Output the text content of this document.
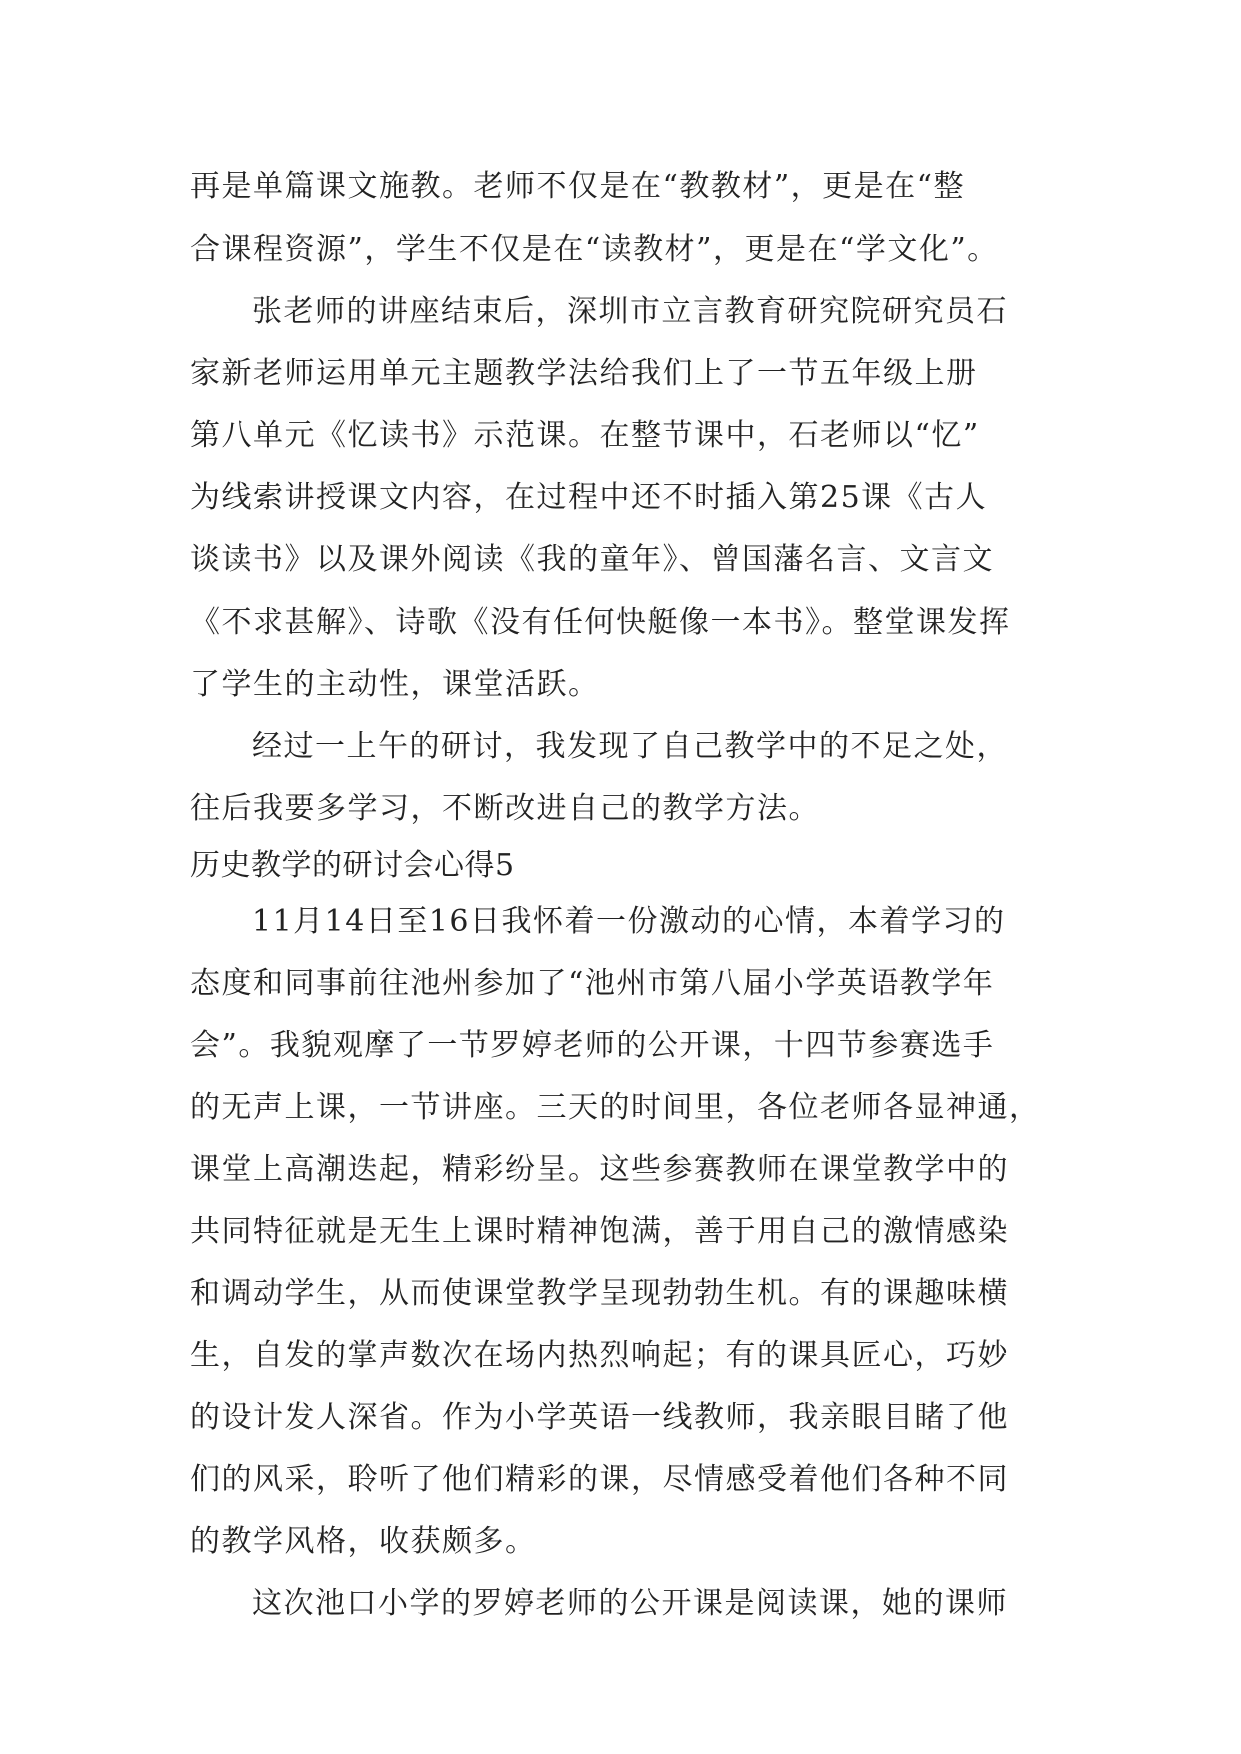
再是单篇课文施教。老师不仅是在“教教材”，更是在“整
合课程资源”，学生不仅是在“读教材”，更是在“学文化”。
张老师的讲座结束后，深圳市立言教育研究院研究员石
家新老师运用单元主题教学法给我们上了一节五年级上册
第八单元《忆读书》示范课。在整节课中，石老师以“忆”
为线索讲授课文内容，在过程中还不时插入第25课《古人
谈读书》以及课外阅读《我的童年》、曾国藩名言、文言文
《不求甚解》、诗歌《没有任何快艇像一本书》。整堂课发挥
了学生的主动性，课堂活跃。
经过一上午的研讨，我发现了自己教学中的不足之处，
往后我要多学习，不断改进自己的教学方法。
历史教学的研讨会心得5
11月14日至16日我怀着一份激动的心情，本着学习的
态度和同事前往池州参加了“池州市第八届小学英语教学年
会”。我貌观摩了一节罗婷老师的公开课，十四节参赛选手
的无声上课，一节讲座。三天的时间里，各位老师各显神通，
课堂上高潮迭起，精彩纷呈。这些参赛教师在课堂教学中的
共同特征就是无生上课时精神饱满，善于用自己的激情感染
和调动学生，从而使课堂教学呈现勃勃生机。有的课趣味横
生，自发的掌声数次在场内热烈响起；有的课具匠心，巧妙
的设计发人深省。作为小学英语一线教师，我亲眼目睹了他
们的风采，聆听了他们精彩的课，尽情感受着他们各种不同
的教学风格，收获颇多。
这次池口小学的罗婷老师的公开课是阅读课，她的课师
